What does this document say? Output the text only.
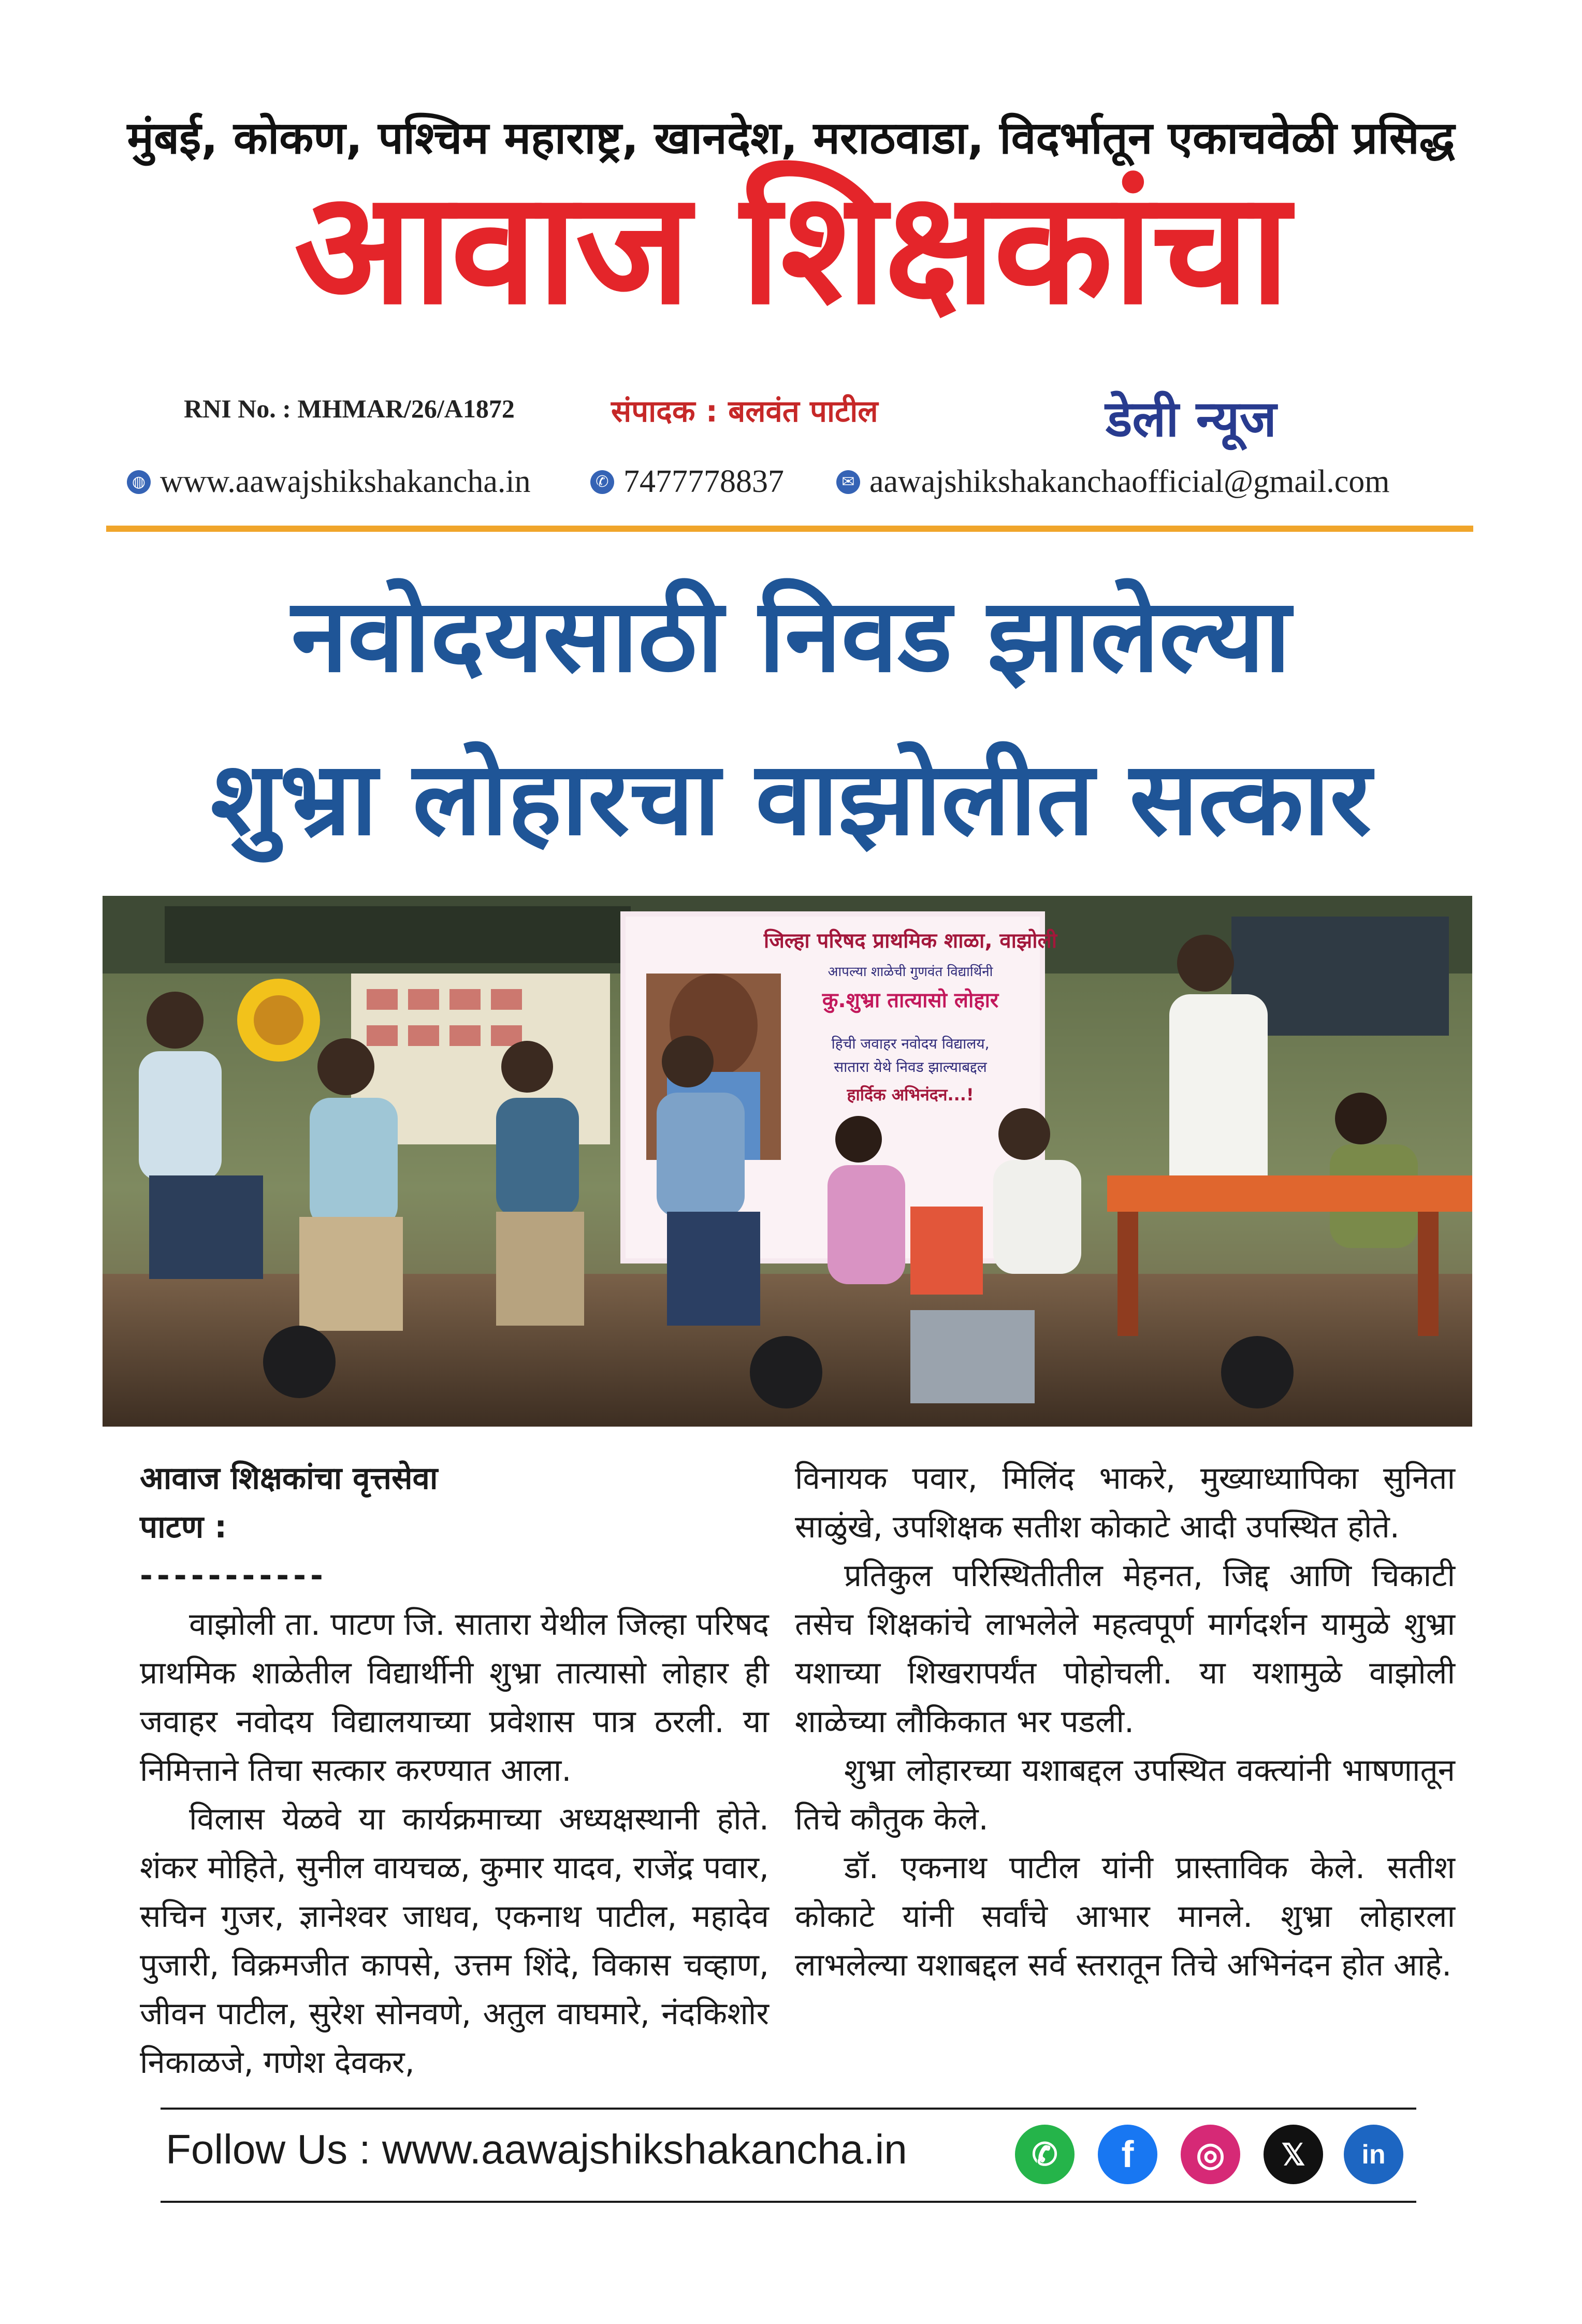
मुंबई, कोकण, पश्चिम महाराष्ट्र, खानदेश, मराठवाडा, विदर्भातून एकाचवेळी प्रसिद्ध
आवाज शिक्षकांचा
RNI No. : MHMAR/26/A1872	संपादक : बलवंत पाटील	डेली न्यूज
◍ www.aawajshikshakancha.in	✆ 7477778837	✉ aawajshikshakanchaofficial@gmail.com
नवोदयसाठी निवड झालेल्या
शुभ्रा लोहारचा वाझोलीत सत्कार
जिल्हा परिषद प्राथमिक शाळा, वाझोली
आपल्या शाळेची गुणवंत विद्यार्थिनी
कु.शुभ्रा तात्यासो लोहार
हिची जवाहर नवोदय विद्यालय,
सातारा येथे निवड झाल्याबद्दल
हार्दिक अभिनंदन...!
आवाज शिक्षकांचा वृत्तसेवा
पाटण :
-----------

वाझोली ता. पाटण जि. सातारा येथील जिल्हा परिषद प्राथमिक शाळेतील विद्यार्थीनी शुभ्रा तात्यासो लोहार ही जवाहर नवोदय विद्यालयाच्या प्रवेशास पात्र ठरली. या निमित्ताने तिचा सत्कार करण्यात आला.

विलास येळवे या कार्यक्रमाच्या अध्यक्षस्थानी होते. शंकर मोहिते, सुनील वायचळ, कुमार यादव, राजेंद्र पवार, सचिन गुजर, ज्ञानेश्वर जाधव, एकनाथ पाटील, महादेव पुजारी, विक्रमजीत कापसे, उत्तम शिंदे, विकास चव्हाण, जीवन पाटील, सुरेश सोनवणे, अतुल वाघमारे, नंदकिशोर निकाळजे, गणेश देवकर,

विनायक पवार, मिलिंद भाकरे, मुख्याध्यापिका सुनिता साळुंखे, उपशिक्षक सतीश कोकाटे आदी उपस्थित होते.

प्रतिकुल परिस्थितीतील मेहनत, जिद्द आणि चिकाटी तसेच शिक्षकांचे लाभलेले महत्वपूर्ण मार्गदर्शन यामुळे शुभ्रा यशाच्या शिखरापर्यंत पोहोचली. या यशामुळे वाझोली शाळेच्या लौकिकात भर पडली.

शुभ्रा लोहारच्या यशाबद्दल उपस्थित वक्त्यांनी भाषणातून तिचे कौतुक केले.

डॉ. एकनाथ पाटील यांनी प्रास्ताविक केले. सतीश कोकाटे यांनी सर्वांचे आभार मानले. शुभ्रा लोहारला लाभलेल्या यशाबद्दल सर्व स्तरातून तिचे अभिनंदन होत आहे.

Follow Us : www.aawajshikshakancha.in	✆ f ◎ 𝕏 in
